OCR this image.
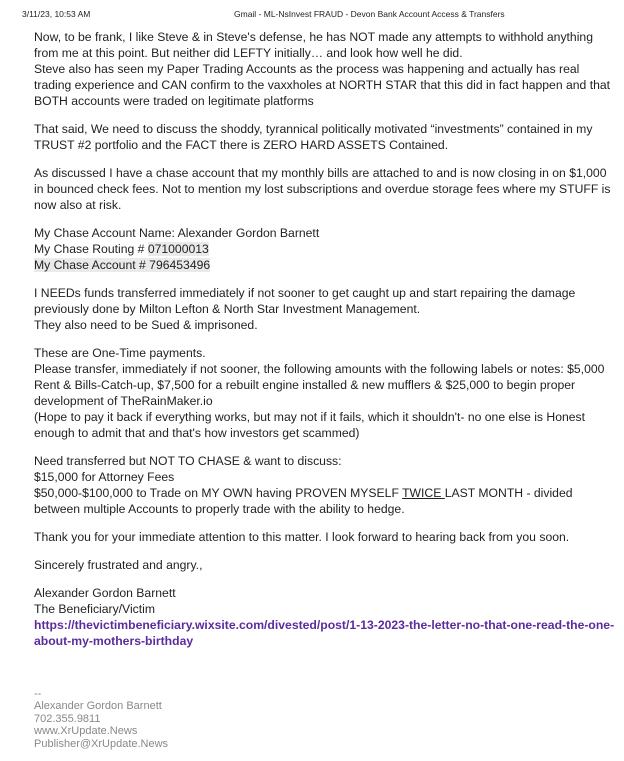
3/11/23, 10:53 AM	Gmail - ML-NsInvest FRAUD - Devon Bank Account Access & Transfers

Now, to be frank, I like Steve & in Steve's defense, he has NOT made any attempts to withhold anything
from me at this point. But neither did LEFTY initially… and look how well he did.
Steve also has seen my Paper Trading Accounts as the process was happening and actually has real
trading experience and CAN confirm to the vaxxholes at NORTH STAR that this did in fact happen and that
BOTH accounts were traded on legitimate platforms

That said, We need to discuss the shoddy, tyrannical politically motivated “investments” contained in my
TRUST #2 portfolio and the FACT there is ZERO HARD ASSETS Contained.

As discussed I have a chase account that my monthly bills are attached to and is now closing in on $1,000
in bounced check fees. Not to mention my lost subscriptions and overdue storage fees where my STUFF is
now also at risk.

My Chase Account Name: Alexander Gordon Barnett
My Chase Routing # 071000013
My Chase Account # 796453496

I NEEDs funds transferred immediately if not sooner to get caught up and start repairing the damage
previously done by Milton Lefton & North Star Investment Management.
They also need to be Sued & imprisoned.

These are One-Time payments.
Please transfer, immediately if not sooner, the following amounts with the following labels or notes: $5,000
Rent & Bills-Catch-up, $7,500 for a rebuilt engine installed & new mufflers & $25,000 to begin proper
development of TheRainMaker.io
(Hope to pay it back if everything works, but may not if it fails, which it shouldn't- no one else is Honest
enough to admit that and that's how investors get scammed)

Need transferred but NOT TO CHASE & want to discuss:
$15,000 for Attorney Fees
$50,000-$100,000 to Trade on MY OWN having PROVEN MYSELF TWICE LAST MONTH - divided
between multiple Accounts to properly trade with the ability to hedge.

Thank you for your immediate attention to this matter. I look forward to hearing back from you soon.

Sincerely frustrated and angry.,

Alexander Gordon Barnett
The Beneficiary/Victim
https://thevictimbeneficiary.wixsite.com/divested/post/1-13-2023-the-letter-no-that-one-read-the-one-
about-my-mothers-birthday

--
Alexander Gordon Barnett
702.355.9811
www.XrUpdate.News
Publisher@XrUpdate.News
